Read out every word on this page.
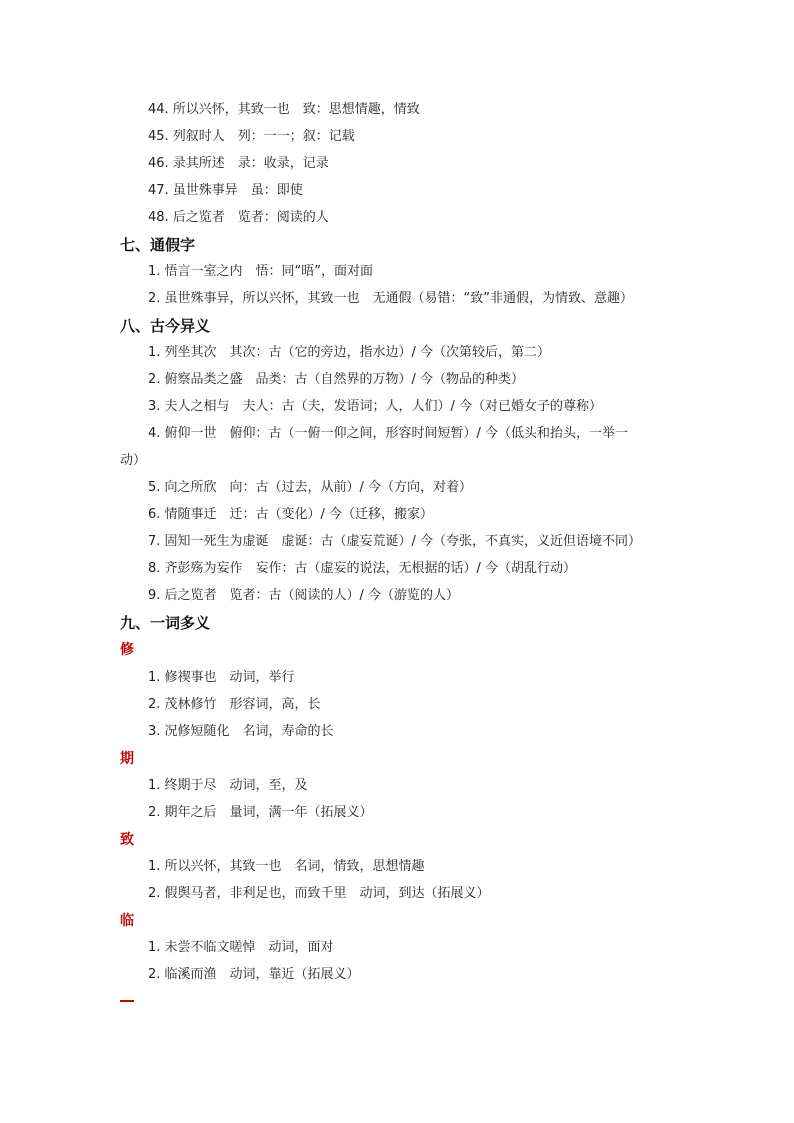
44. 所以兴怀，其致一也　致：思想情趣，情致
45. 列叙时人　列：一一；叙：记载
46. 录其所述　录：收录，记录
47. 虽世殊事异　虽：即使
48. 后之览者　览者：阅读的人
七、通假字
1. 悟言一室之内　悟：同“晤”，面对面
2. 虽世殊事异，所以兴怀，其致一也　无通假（易错：“致”非通假，为情致、意趣）
八、古今异义
1. 列坐其次　其次：古（它的旁边，指水边）/ 今（次第较后，第二）
2. 俯察品类之盛　品类：古（自然界的万物）/ 今（物品的种类）
3. 夫人之相与　夫人：古（夫，发语词；人，人们）/ 今（对已婚女子的尊称）
4. 俯仰一世　俯仰：古（一俯一仰之间，形容时间短暂）/ 今（低头和抬头，一举一
动）
5. 向之所欣　向：古（过去，从前）/ 今（方向，对着）
6. 情随事迁　迁：古（变化）/ 今（迁移，搬家）
7. 固知一死生为虚诞　虚诞：古（虚妄荒诞）/ 今（夸张，不真实，义近但语境不同）
8. 齐彭殇为妄作　妄作：古（虚妄的说法，无根据的话）/ 今（胡乱行动）
9. 后之览者　览者：古（阅读的人）/ 今（游览的人）
九、一词多义
修
1. 修禊事也　动词，举行
2. 茂林修竹　形容词，高，长
3. 况修短随化　名词，寿命的长
期
1. 终期于尽　动词，至，及
2. 期年之后　量词，满一年（拓展义）
致
1. 所以兴怀，其致一也　名词，情致，思想情趣
2. 假舆马者，非利足也，而致千里　动词，到达（拓展义）
临
1. 未尝不临文嗟悼　动词，面对
2. 临溪而渔　动词，靠近（拓展义）
